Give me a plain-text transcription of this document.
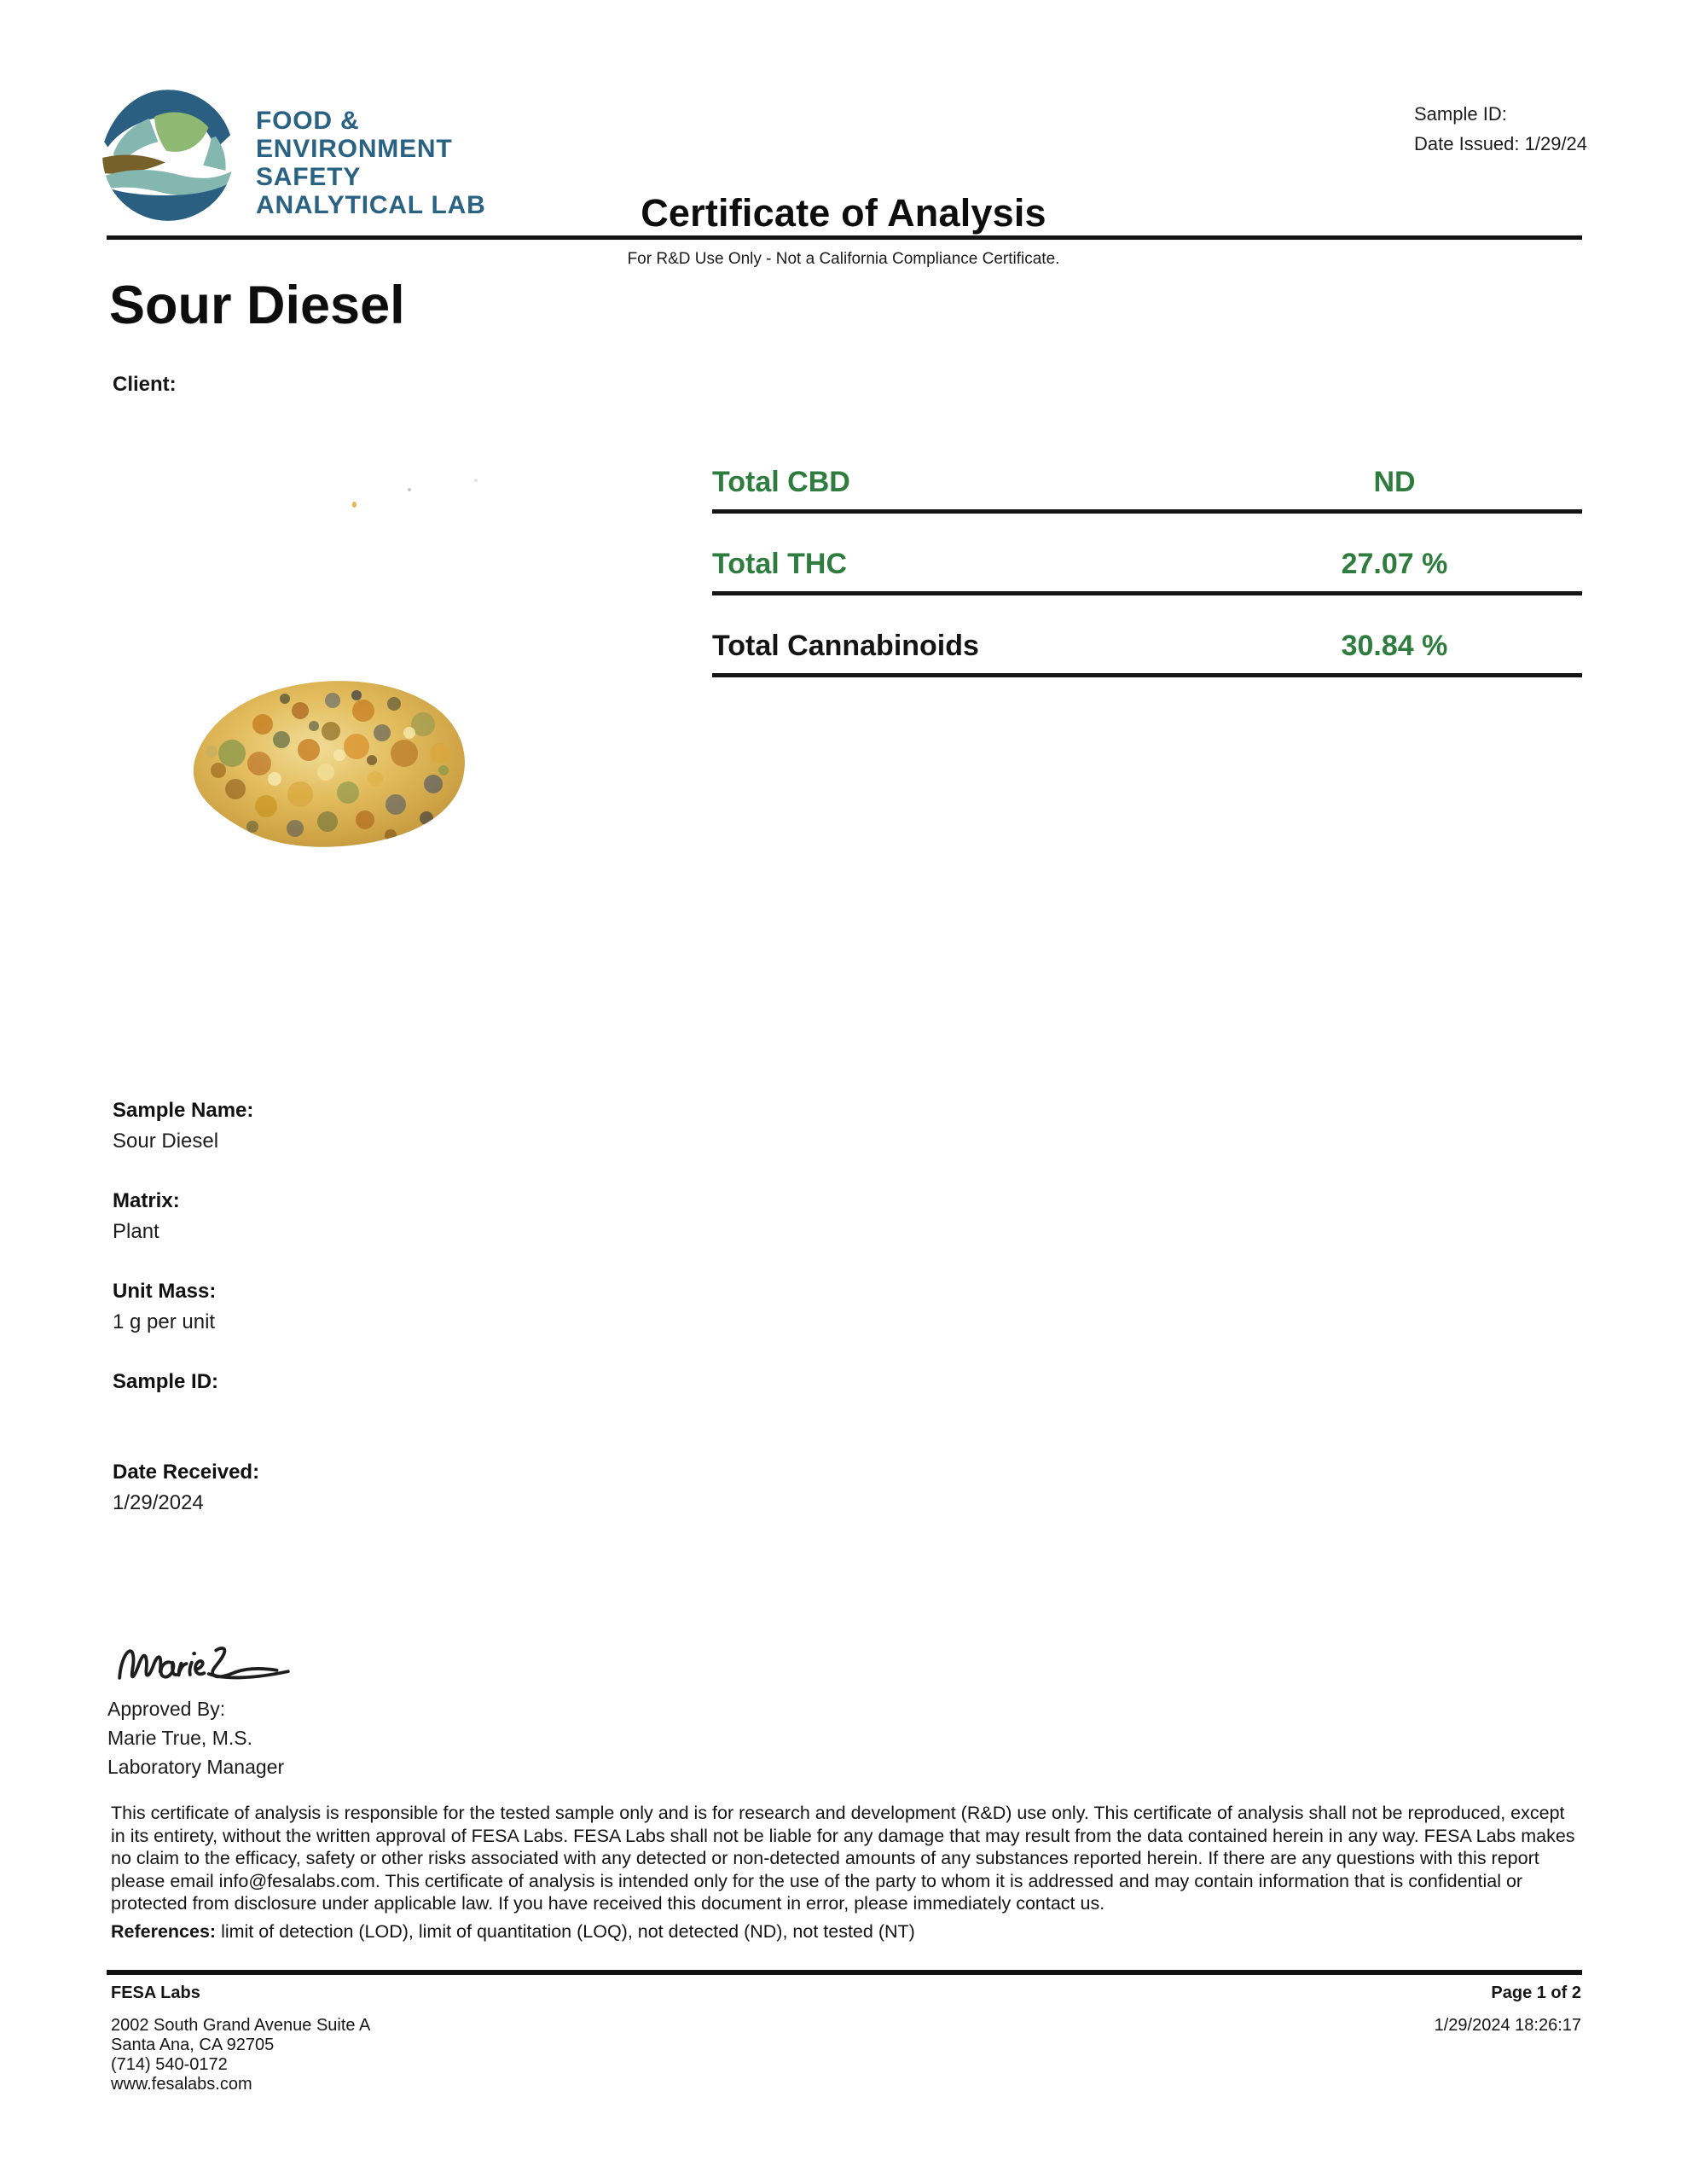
FOOD &
ENVIRONMENT
SAFETY
ANALYTICAL LAB
Sample ID:
Date Issued: 1/29/24
Certificate of Analysis
For R&D Use Only - Not a California Compliance Certificate.
Sour Diesel
Client:
Total CBD	ND
Total THC	27.07 %
Total Cannabinoids	30.84 %
Sample Name:
Sour Diesel
Matrix:
Plant
Unit Mass:
1 g per unit
Sample ID:
Date Received:
1/29/2024
Approved By:
Marie True, M.S.
Laboratory Manager
This certificate of analysis is responsible for the tested sample only and is for research and development (R&D) use only. This certificate of analysis shall not be reproduced, except in its entirety, without the written approval of FESA Labs. FESA Labs shall not be liable for any damage that may result from the data contained herein in any way. FESA Labs makes no claim to the efficacy, safety or other risks associated with any detected or non-detected amounts of any substances reported herein. If there are any questions with this report please email info@fesalabs.com. This certificate of analysis is intended only for the use of the party to whom it is addressed and may contain information that is confidential or protected from disclosure under applicable law. If you have received this document in error, please immediately contact us.
References: limit of detection (LOD), limit of quantitation (LOQ), not detected (ND), not tested (NT)
FESA Labs
2002 South Grand Avenue Suite A
Santa Ana, CA 92705
(714) 540-0172
www.fesalabs.com
Page 1 of 2
1/29/2024 18:26:17
